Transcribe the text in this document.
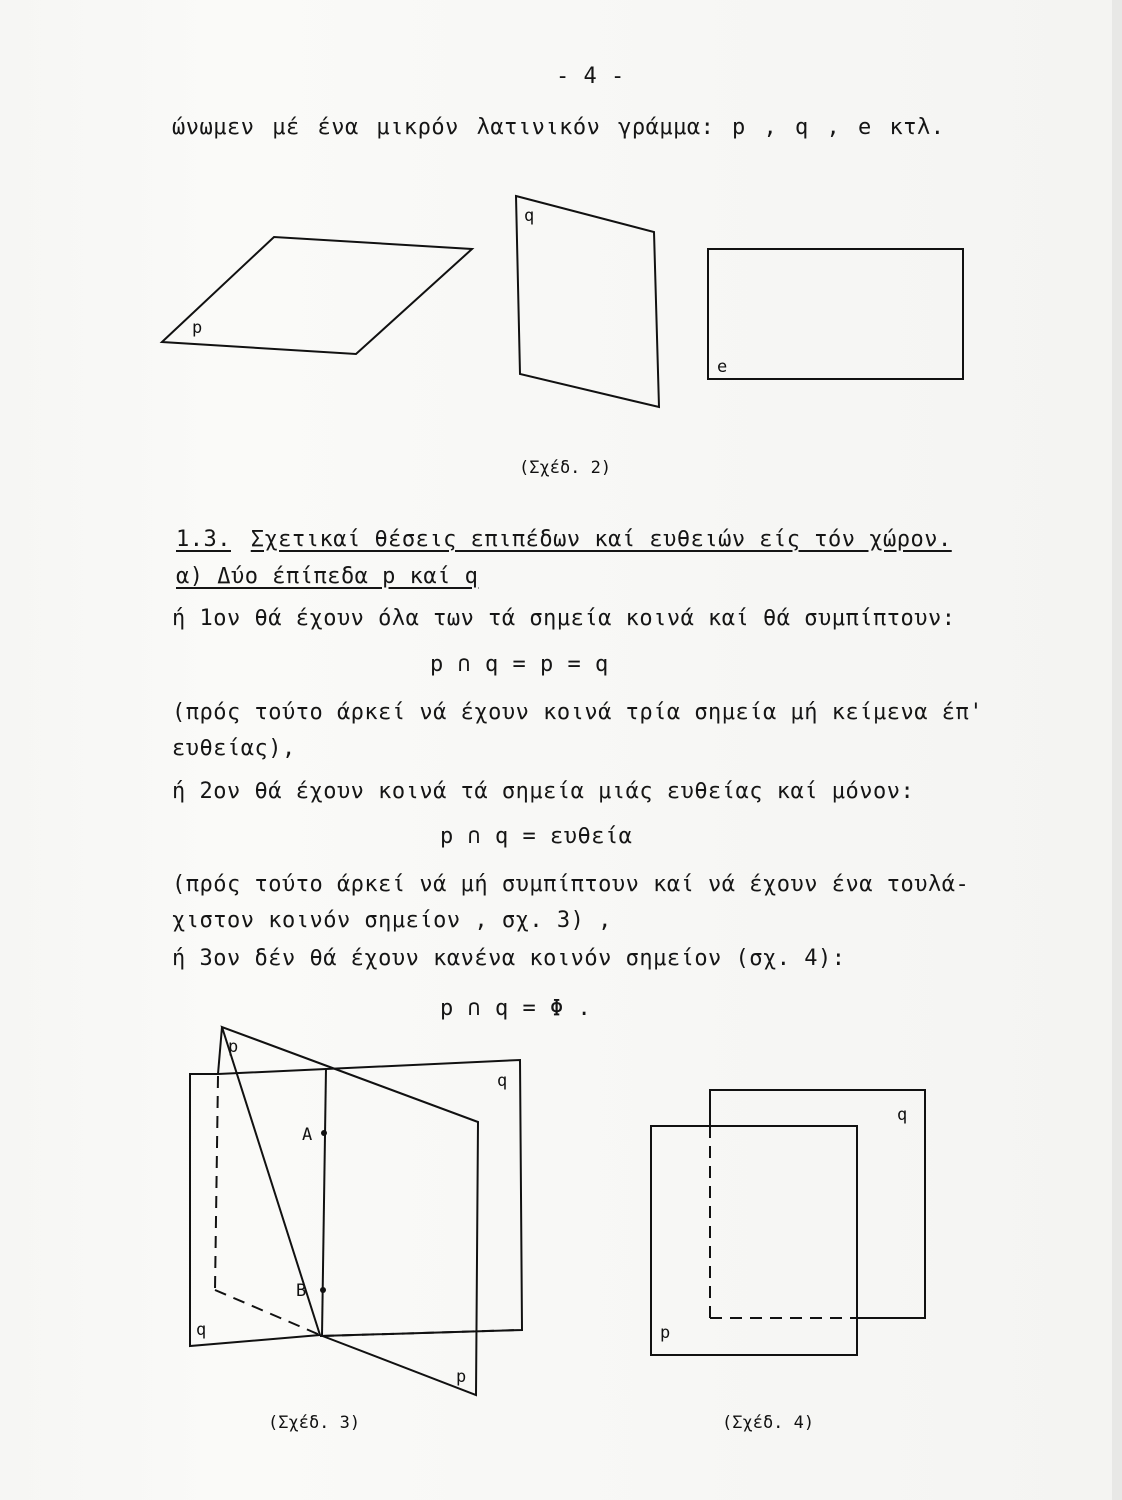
- 4 -
ώνωμεν μέ ένα μικρόν λατινικόν γράμμα: p , q , e κτλ.
p
q
e
(Σχέδ. 2)
1.3. Σχετικαί θέσεις επιπέδων καί ευθειών είς τόν χώρον.
α) Δύο έπίπεδα p καί q
ή 1ον θά έχουν όλα των τά σημεία κοινά καί θά συμπίπτουν:
p ∩ q = p = q
(πρός τούτο άρκεί νά έχουν κοινά τρία σημεία μή κείμενα έπ'
ευθείας),
ή 2ον θά έχουν κοινά τά σημεία μιάς ευθείας καί μόνον:
p ∩ q = ευθεία
(πρός τούτο άρκεί νά μή συμπίπτουν καί νά έχουν ένα τουλά-
χιστον κοινόν σημείον , σχ. 3) ,
ή 3ον δέν θά έχουν κανένα κοινόν σημείον (σχ. 4):
p ∩ q = Φ .
p
q
A
B
q
p
(Σχέδ. 3)
q
p
(Σχέδ. 4)
